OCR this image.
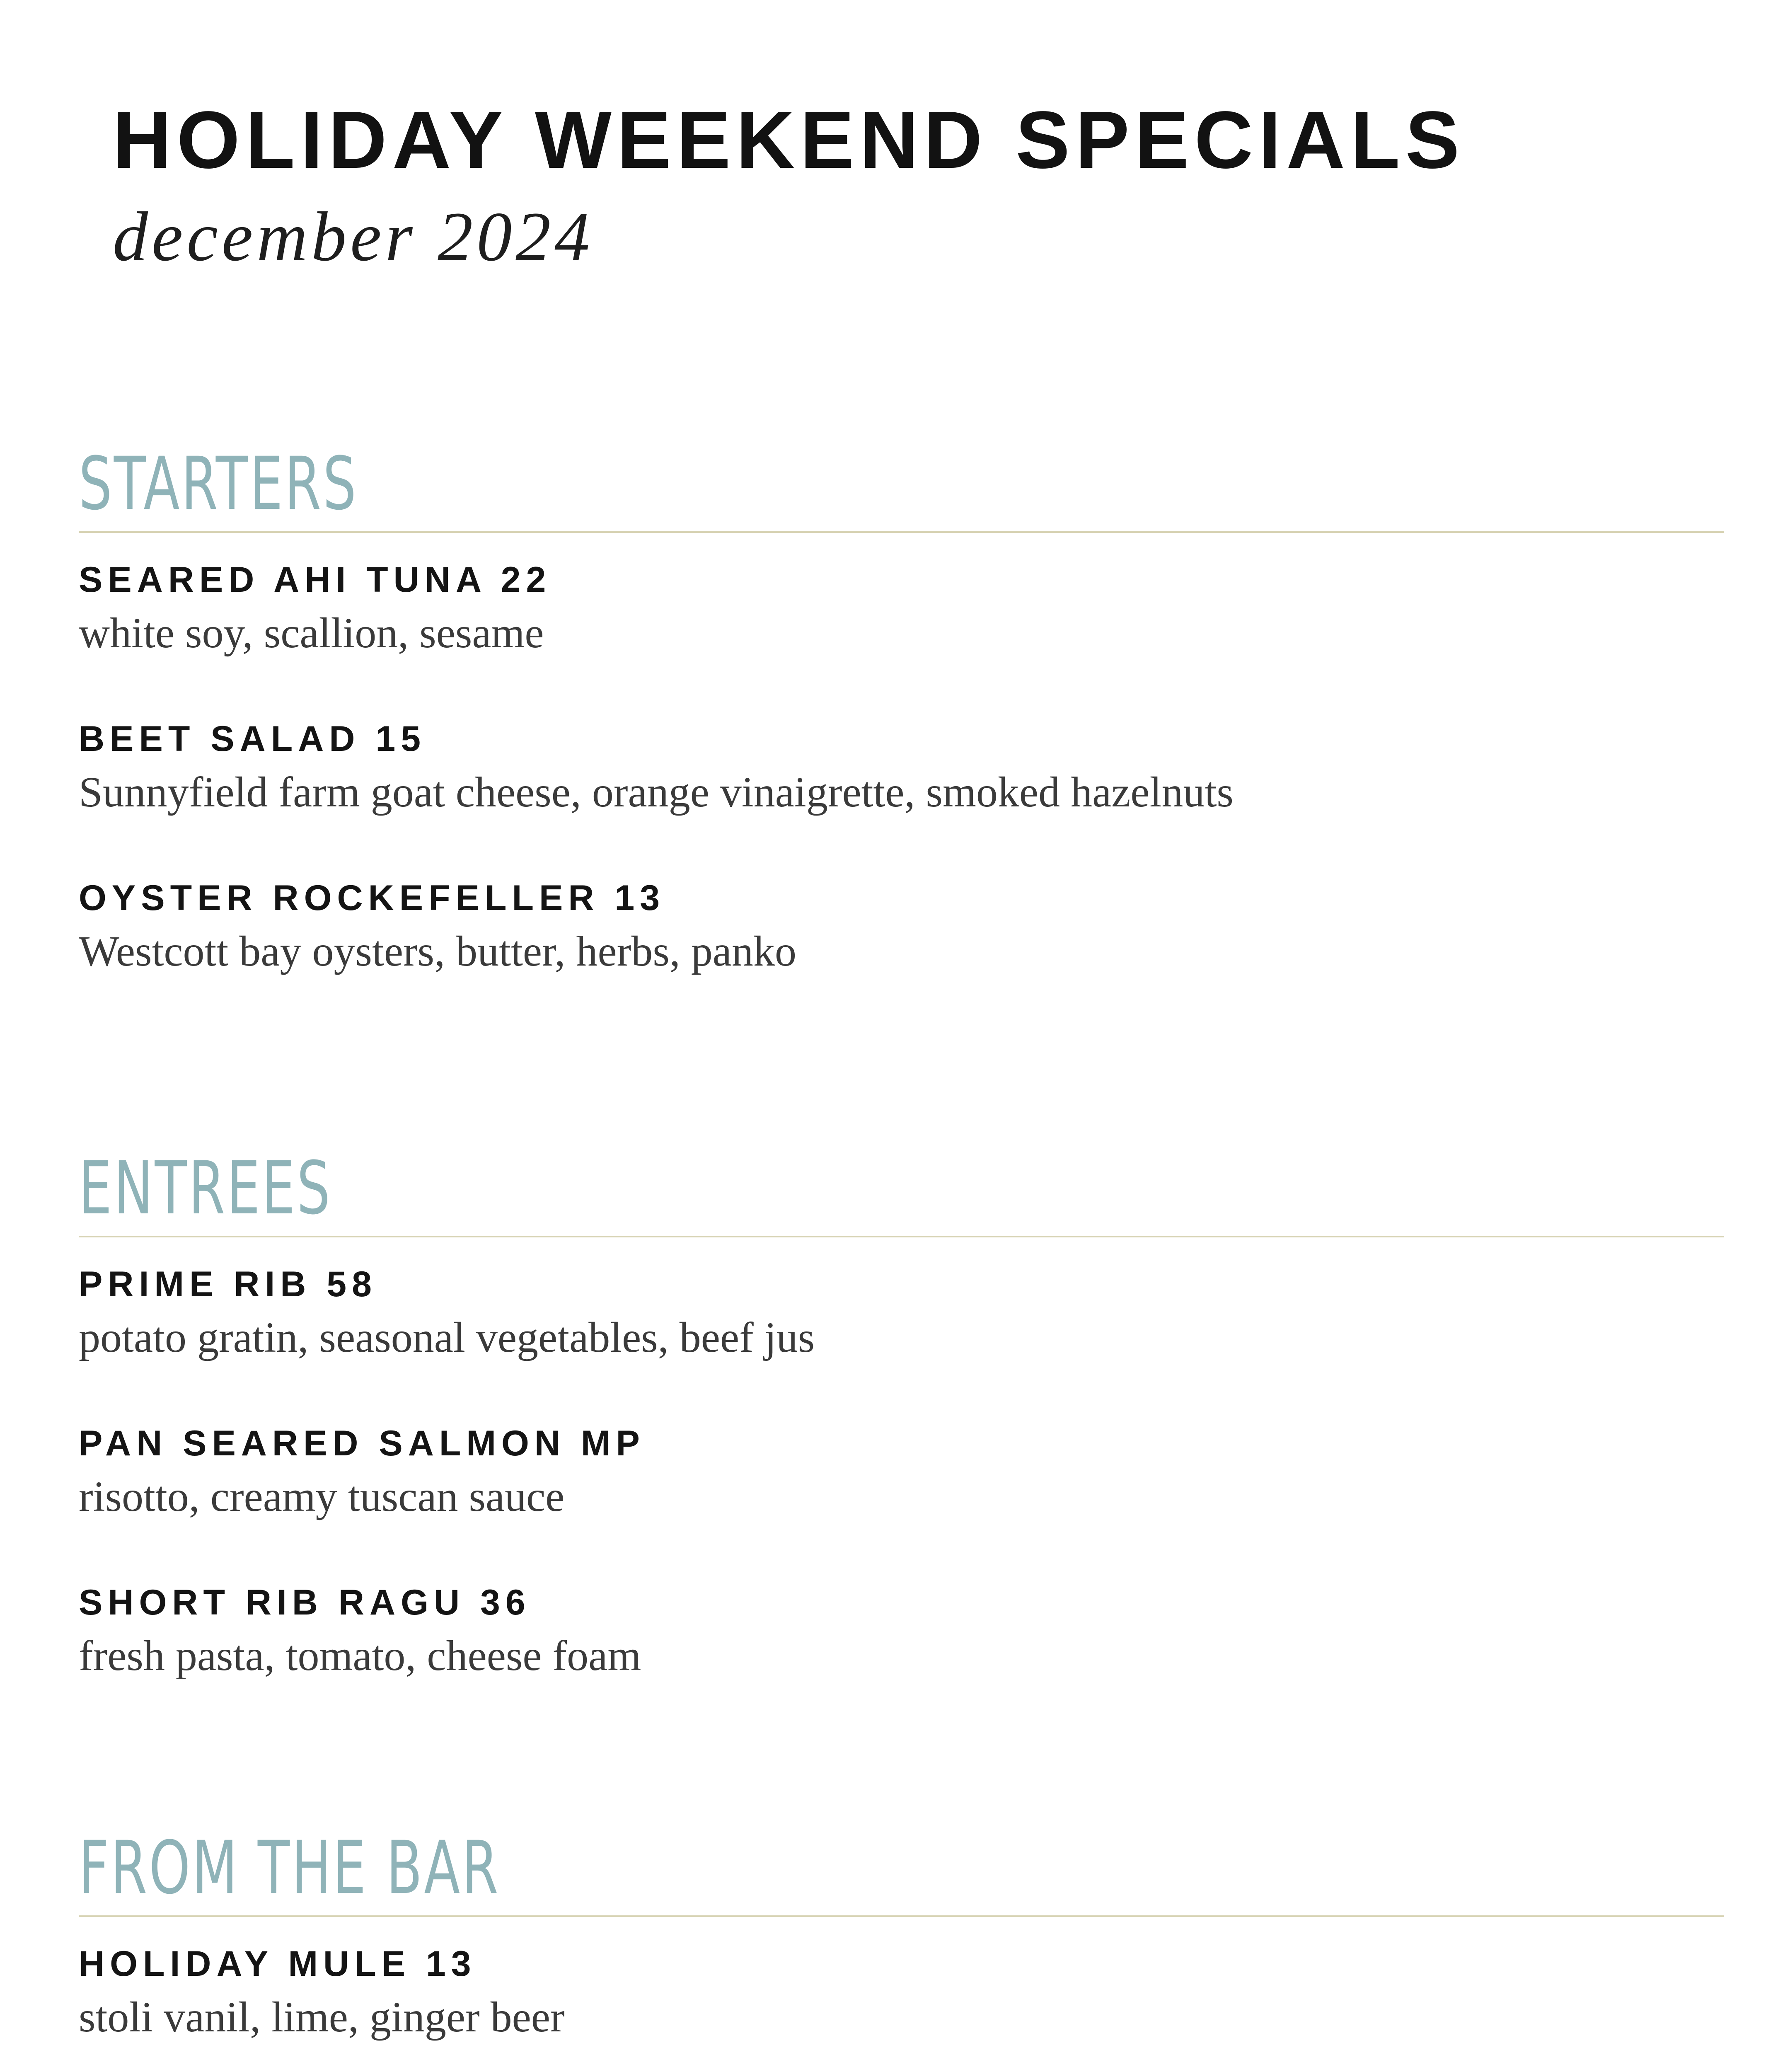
HOLIDAY WEEKEND SPECIALS
december 2024
STARTERS
SEARED AHI TUNA 22
white soy, scallion, sesame
BEET SALAD 15
Sunnyfield farm goat cheese, orange vinaigrette, smoked hazelnuts
OYSTER ROCKEFELLER 13
Westcott bay oysters, butter, herbs, panko
ENTREES
PRIME RIB 58
potato gratin, seasonal vegetables, beef jus
PAN SEARED SALMON MP
risotto, creamy tuscan sauce
SHORT RIB RAGU 36
fresh pasta, tomato, cheese foam
FROM THE BAR
HOLIDAY MULE 13
stoli vanil, lime, ginger beer
